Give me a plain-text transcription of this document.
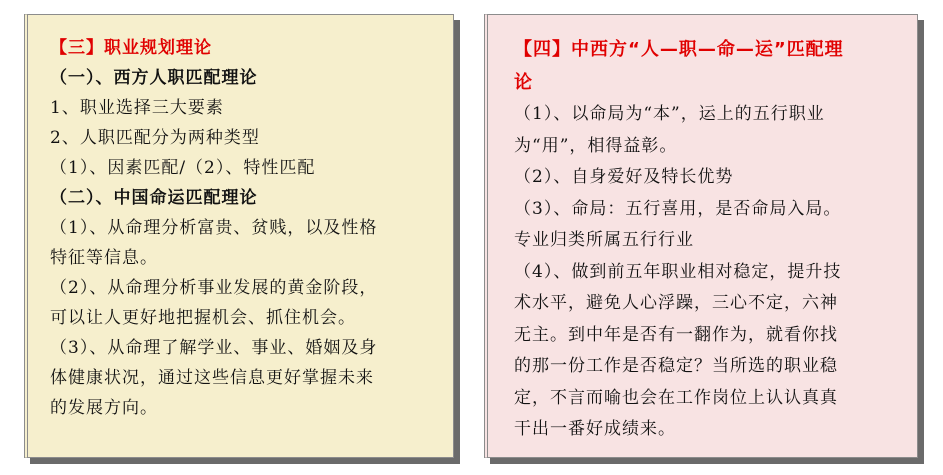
【三】职业规划理论
（一）、西方人职匹配理论
1、职业选择三大要素
2、人职匹配分为两种类型
（1）、因素匹配/（2）、特性匹配
（二）、中国命运匹配理论
（1）、从命理分析富贵、贫贱，以及性格
特征等信息。
（2）、从命理分析事业发展的黄金阶段，
可以让人更好地把握机会、抓住机会。
（3）、从命理了解学业、事业、婚姻及身
体健康状况，通过这些信息更好掌握未来
的发展方向。
【四】中西方“人—职—命—运”匹配理
论
（1）、以命局为“本”，运上的五行职业
为“用”，相得益彰。
（2）、自身爱好及特长优势
（3）、命局：五行喜用，是否命局入局。
专业归类所属五行行业
（4）、做到前五年职业相对稳定，提升技
术水平，避免人心浮躁，三心不定，六神
无主。到中年是否有一翻作为，就看你找
的那一份工作是否稳定？当所选的职业稳
定，不言而喻也会在工作岗位上认认真真
干出一番好成绩来。
